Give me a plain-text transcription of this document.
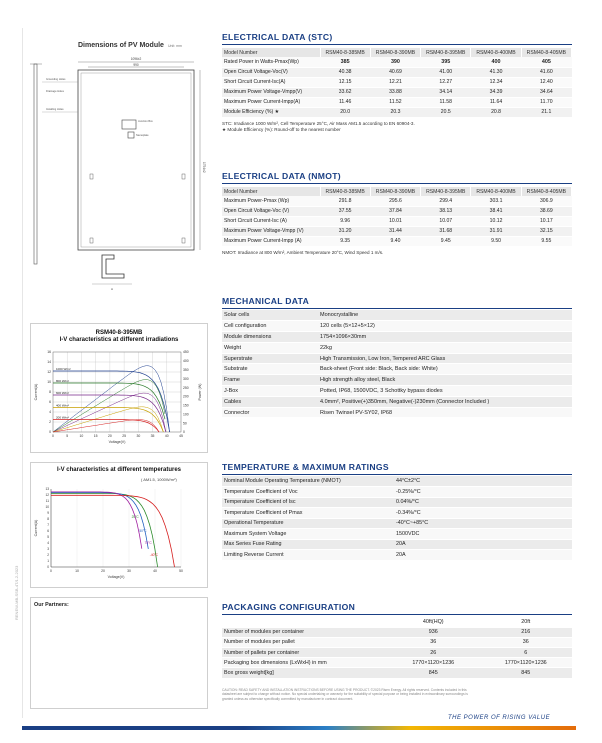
Dimensions of PV Module Unit: mm
1096±2
990
1754±2
Grounding Holes
Drainage Holes
Installing Holes
Junction Box
Nameplate
A
RSM40-8-395MB
I-V characteristics at different irradiations
0	5	10	15	20	25	30	35	40	45
0
2
4
6
8
10
12
14
16
0
50
100
150
200
250
300
350
400
450
Voltage(V)
Current(A)	Power (W)
1000 W/m²
800 W/m²
600 W/m²
400 W/m²
200 W/m²
I-V characteristics at different temperatures
( AM1.5, 1000W/m²)
0	10	20	30	40	50
0
1
2
3
4
5
6
7
8
9
10
11
12
13
Voltage(V)
Current(A)
25°C
50°C
75°C
-40°C
Our Partners:
RENEW-MB-SSB-4T/1.2-2023
ELECTRICAL DATA (STC)
Model Number	RSM40-8-385MB	RSM40-8-390MB	RSM40-8-395MB	RSM40-8-400MB	RSM40-8-405MB
Rated Power in Watts-Pmax(Wp)	385	390	395	400	405
Open Circuit Voltage-Voc(V)	40.38	40.69	41.00	41.30	41.60
Short Circuit Current-Isc(A)	12.15	12.21	12.27	12.34	12.40
Maximum Power Voltage-Vmpp(V)	33.62	33.88	34.14	34.39	34.64
Maximum Power Current-Impp(A)	11.46	11.52	11.58	11.64	11.70
Module Efficiency (%) ★	20.0	20.3	20.5	20.8	21.1
STC: Irradiance 1000 W/m², Cell Temperature 25°C, Air Mass AM1.5 according to EN 60904-3.
★ Module Efficiency (%): Round-off to the nearest number
ELECTRICAL DATA (NMOT)
Model Number	RSM40-8-385MB	RSM40-8-390MB	RSM40-8-395MB	RSM40-8-400MB	RSM40-8-405MB
Maximum Power-Pmax (Wp)	291.8	295.6	299.4	303.1	306.9
Open Circuit Voltage-Voc (V)	37.55	37.84	38.13	38.41	38.69
Short Circuit Current-Isc (A)	9.96	10.01	10.07	10.12	10.17
Maximum Power Voltage-Vmpp (V)	31.20	31.44	31.68	31.91	32.15
Maximum Power Current-Impp (A)	9.35	9.40	9.45	9.50	9.55
NMOT: Irradiance at 800 W/m², Ambient Temperature 20°C, Wind Speed 1 m/s.
MECHANICAL DATA
Solar cells	Monocrystalline
Cell configuration	120 cells (5×12+5×12)
Module dimensions	1754×1096×30mm
Weight	22kg
Superstrate	High Transmission, Low Iron, Tempered ARC Glass
Substrate	Back-sheet (Front side: Black, Back side: White)
Frame	High strength alloy steel, Black
J-Box	Potted, IP68, 1500VDC, 3 Schottky bypass diodes
Cables	4.0mm², Positive(+)350mm, Negative(-)230mm (Connector Included )
Connector	Risen Twinsel PV-SY02, IP68
TEMPERATURE & MAXIMUM RATINGS
Nominal Module Operating Temperature (NMOT)	44°C±2°C
Temperature Coefficient of Voc	-0.25%/°C
Temperature Coefficient of Isc	0.04%/°C
Temperature Coefficient of Pmax	-0.34%/°C
Operational Temperature	-40°C~+85°C
Maximum System Voltage	1500VDC
Max Series Fuse Rating	20A
Limiting Reverse Current	20A
PACKAGING CONFIGURATION
	40ft(HQ)	20ft
Number of modules per container	936	216
Number of modules per pallet	36	36
Number of pallets per container	26	6
Packaging box dimensions (LxWxH) in mm	1770×1120×1236	1770×1120×1236
Box gross weight[kg]	845	845
CAUTION: READ SAFETY AND INSTALLATION INSTRUCTIONS BEFORE USING THE PRODUCT. ©2023 Risen Energy. All rights reserved. Contents included in this datasheet are subject to change without notice. No special undertaking or warranty for the suitability of special purpose or being installed in extraordinary surroundings is granted unless as otherwise specifically committed by manufacturer in contract document.
THE POWER OF RISING VALUE
